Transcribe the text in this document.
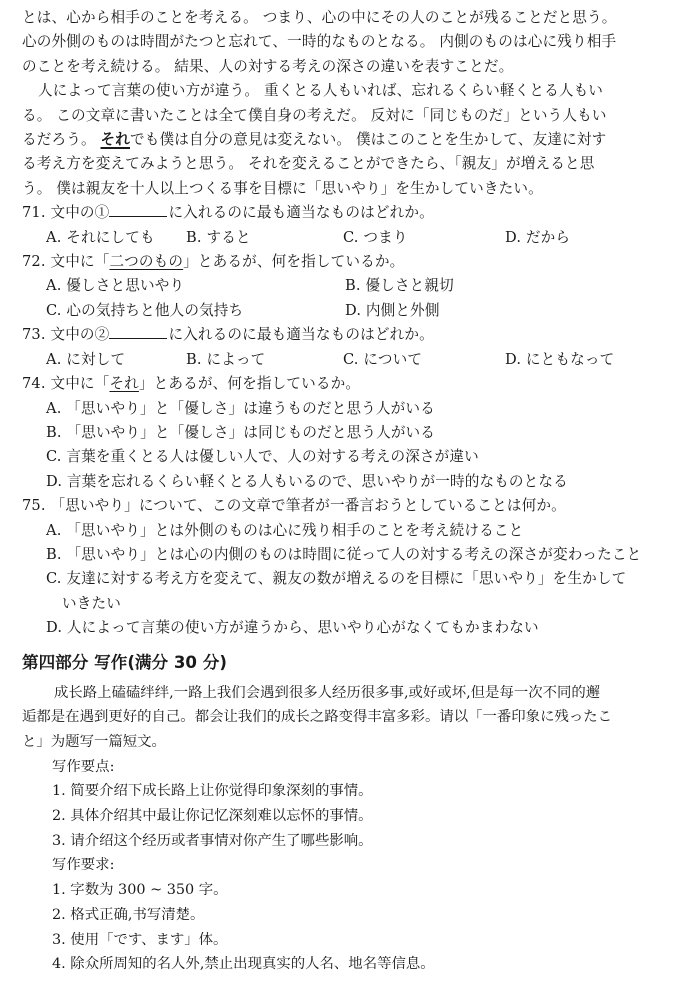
とは、心から相手のことを考える。 つまり、心の中にその人のことが残ることだと思う。
心の外側のものは時間がたつと忘れて、一時的なものとなる。 内側のものは心に残り相手
のことを考え続ける。 結果、人の対する考えの深さの違いを表すことだ。
人によって言葉の使い方が違う。 重くとる人もいれば、忘れるくらい軽くとる人もい
る。 この文章に書いたことは全て僕自身の考えだ。 反対に「同じものだ」という人もい
るだろう。 それでも僕は自分の意見は変えない。 僕はこのことを生かして、友達に対す
る考え方を変えてみようと思う。 それを変えることができたら、「親友」が増えると思
う。 僕は親友を十人以上つくる事を目標に「思いやり」を生かしていきたい。
71. 文中の①	に入れるのに最も適当なものはどれか。
A. それにしても	B. すると	C. つまり	D. だから
72. 文中に「二つのもの」とあるが、何を指しているか。
A. 優しさと思いやり	B. 優しさと親切
C. 心の気持ちと他人の気持ち	D. 内側と外側
73. 文中の②	に入れるのに最も適当なものはどれか。
A. に対して	B. によって	C. について	D. にともなって
74. 文中に「それ」とあるが、何を指しているか。
A. 「思いやり」と「優しさ」は違うものだと思う人がいる
B. 「思いやり」と「優しさ」は同じものだと思う人がいる
C. 言葉を重くとる人は優しい人で、人の対する考えの深さが違い
D. 言葉を忘れるくらい軽くとる人もいるので、思いやりが一時的なものとなる
75. 「思いやり」について、この文章で筆者が一番言おうとしていることは何か。
A. 「思いやり」とは外側のものは心に残り相手のことを考え続けること
B. 「思いやり」とは心の内側のものは時間に従って人の対する考えの深さが変わったこと
C. 友達に対する考え方を変えて、親友の数が増えるのを目標に「思いやり」を生かして
いきたい
D. 人によって言葉の使い方が違うから、思いやり心がなくてもかまわない
第四部分 写作(满分 30 分)
成长路上磕磕绊绊,一路上我们会遇到很多人经历很多事,或好或坏,但是每一次不同的邂
逅都是在遇到更好的自己。都会让我们的成长之路变得丰富多彩。请以「一番印象に残ったこ
と」为题写一篇短文。
写作要点:
1. 简要介绍下成长路上让你觉得印象深刻的事情。
2. 具体介绍其中最让你记忆深刻难以忘怀的事情。
3. 请介绍这个经历或者事情对你产生了哪些影响。
写作要求:
1. 字数为 300 ~ 350 字。
2. 格式正确,书写清楚。
3. 使用「です、ます」体。
4. 除众所周知的名人外,禁止出现真实的人名、地名等信息。
